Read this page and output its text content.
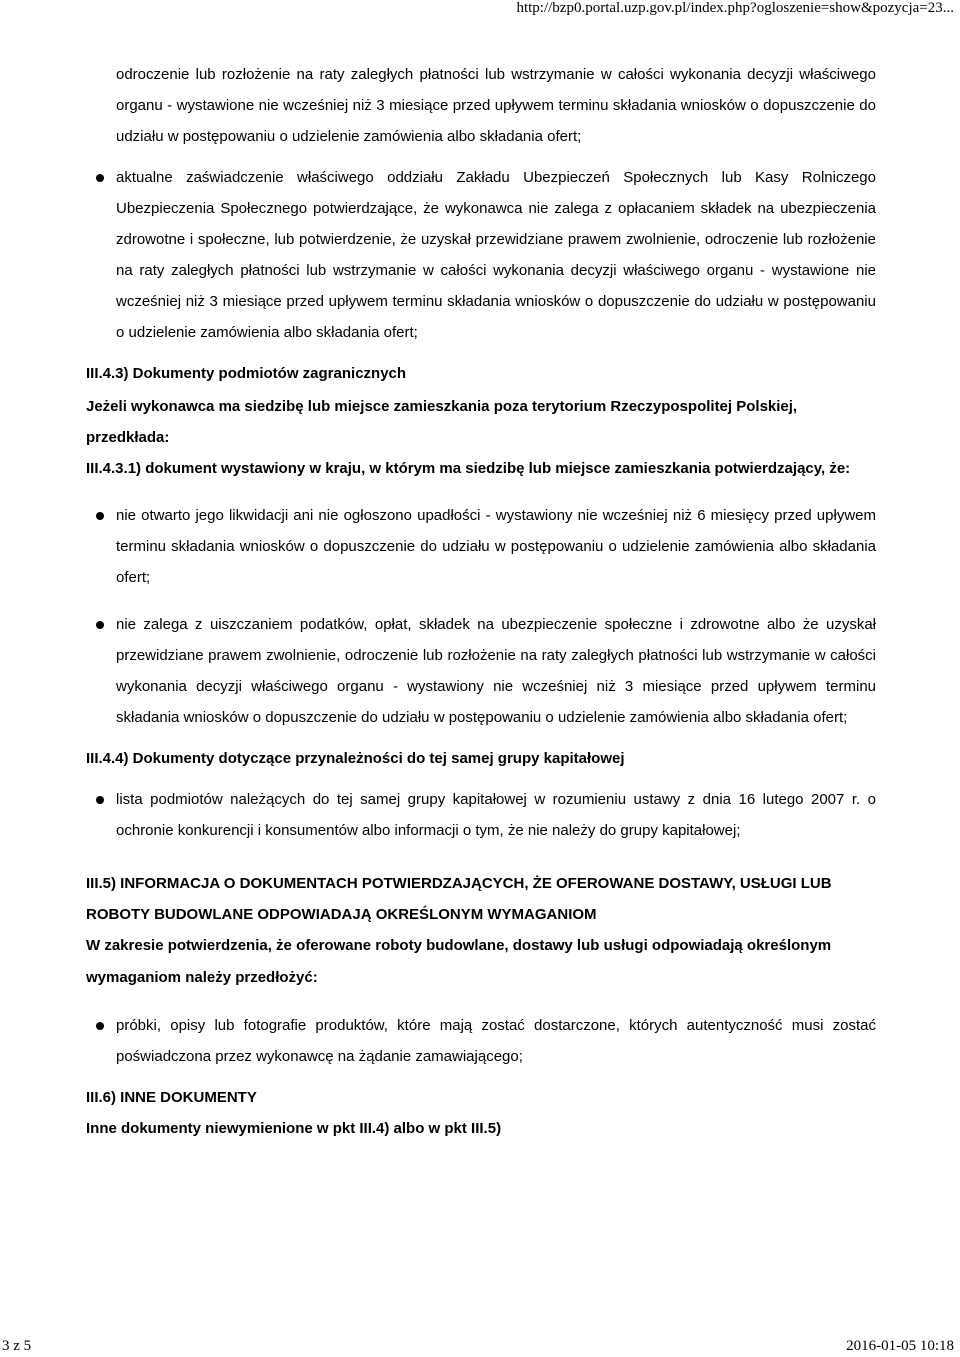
http://bzp0.portal.uzp.gov.pl/index.php?ogloszenie=show&pozycja=23...

odroczenie lub rozłożenie na raty zaległych płatności lub wstrzymanie w całości wykonania decyzji właściwego organu - wystawione nie wcześniej niż 3 miesiące przed upływem terminu składania wniosków o dopuszczenie do udziału w postępowaniu o udzielenie zamówienia albo składania ofert;

aktualne zaświadczenie właściwego oddziału Zakładu Ubezpieczeń Społecznych lub Kasy Rolniczego Ubezpieczenia Społecznego potwierdzające, że wykonawca nie zalega z opłacaniem składek na ubezpieczenia zdrowotne i społeczne, lub potwierdzenie, że uzyskał przewidziane prawem zwolnienie, odroczenie lub rozłożenie na raty zaległych płatności lub wstrzymanie w całości wykonania decyzji właściwego organu - wystawione nie wcześniej niż 3 miesiące przed upływem terminu składania wniosków o dopuszczenie do udziału w postępowaniu o udzielenie zamówienia albo składania ofert;

III.4.3) Dokumenty podmiotów zagranicznych
Jeżeli wykonawca ma siedzibę lub miejsce zamieszkania poza terytorium Rzeczypospolitej Polskiej, przedkłada:
III.4.3.1) dokument wystawiony w kraju, w którym ma siedzibę lub miejsce zamieszkania potwierdzający, że:

nie otwarto jego likwidacji ani nie ogłoszono upadłości - wystawiony nie wcześniej niż 6 miesięcy przed upływem terminu składania wniosków o dopuszczenie do udziału w postępowaniu o udzielenie zamówienia albo składania ofert;

nie zalega z uiszczaniem podatków, opłat, składek na ubezpieczenie społeczne i zdrowotne albo że uzyskał przewidziane prawem zwolnienie, odroczenie lub rozłożenie na raty zaległych płatności lub wstrzymanie w całości wykonania decyzji właściwego organu - wystawiony nie wcześniej niż 3 miesiące przed upływem terminu składania wniosków o dopuszczenie do udziału w postępowaniu o udzielenie zamówienia albo składania ofert;

III.4.4) Dokumenty dotyczące przynależności do tej samej grupy kapitałowej

lista podmiotów należących do tej samej grupy kapitałowej w rozumieniu ustawy z dnia 16 lutego 2007 r. o ochronie konkurencji i konsumentów albo informacji o tym, że nie należy do grupy kapitałowej;

III.5) INFORMACJA O DOKUMENTACH POTWIERDZAJĄCYCH, ŻE OFEROWANE DOSTAWY, USŁUGI LUB ROBOTY BUDOWLANE ODPOWIADAJĄ OKREŚLONYM WYMAGANIOM
W zakresie potwierdzenia, że oferowane roboty budowlane, dostawy lub usługi odpowiadają określonym wymaganiom należy przedłożyć:

próbki, opisy lub fotografie produktów, które mają zostać dostarczone, których autentyczność musi zostać poświadczona przez wykonawcę na żądanie zamawiającego;

III.6) INNE DOKUMENTY
Inne dokumenty niewymienione w pkt III.4) albo w pkt III.5)
3 z 5	2016-01-05 10:18
